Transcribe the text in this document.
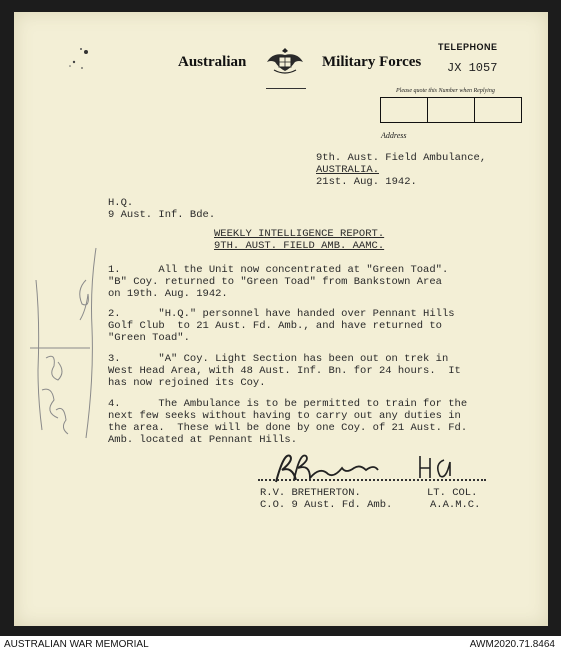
Australian	Military Forces
TELEPHONE
JX 1057
Please quote this Number when Replying
Address
9th. Aust. Field Ambulance,
AUSTRALIA.
21st. Aug. 1942.
H.Q.
9 Aust. Inf. Bde.
WEEKLY INTELLIGENCE REPORT.
9TH. AUST. FIELD AMB. AAMC.
1.      All the Unit now concentrated at "Green Toad".
"B" Coy. returned to "Green Toad" from Bankstown Area
on 19th. Aug. 1942.
2.      "H.Q." personnel have handed over Pennant Hills
Golf Club  to 21 Aust. Fd. Amb., and have returned to
"Green Toad".
3.      "A" Coy. Light Section has been out on trek in
West Head Area, with 48 Aust. Inf. Bn. for 24 hours.  It
has now rejoined its Coy.
4.      The Ambulance is to be permitted to train for the
next few seeks without having to carry out any duties in
the area.  These will be done by one Coy. of 21 Aust. Fd.
Amb. located at Pennant Hills.
R.V. BRETHERTON.	LT. COL.
C.O. 9 Aust. Fd. Amb.	A.A.M.C.
AUSTRALIAN WAR MEMORIAL	AWM2020.71.8464
